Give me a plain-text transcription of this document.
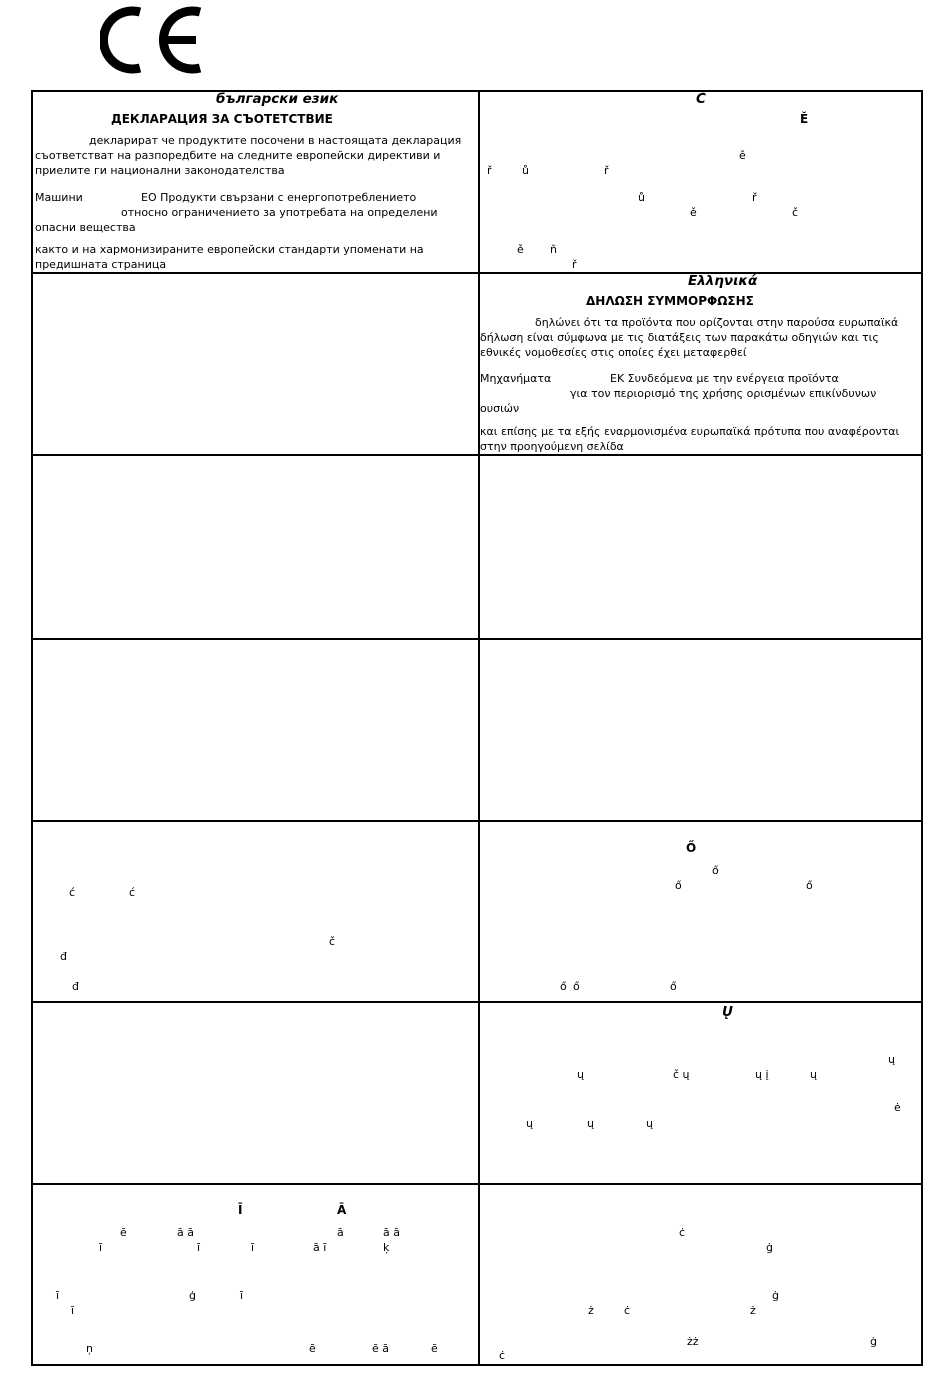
български език
ДЕКЛАРАЦИЯ ЗА СЪОТЕТСТВИЕ
декларират че продуктите посочени в настоящата декларация
съответстват на разпоредбите на следните европейски директиви и
приелите ги национални законодателства
Машини	ЕО Продукти свързани с енергопотреблението
относно ограничението за употребата на определени
опасни вещества
както и на хармонизираните европейски стандарти упоменати на
предишната страница
Č
Ě
ě
ř	ů	ř
ů	ř
ě	č
ě ň
ř
Ελληνικά
ΔΗΛΩΣΗ ΣΥΜΜΟΡΦΩΣΗΣ
δηλώνει ότι τα προϊόντα που ορίζονται στην παρούσα ευρωπαϊκά
δήλωση είναι σύμφωνα με τις διατάξεις των παρακάτω οδηγιών και τις
εθνικές νομοθεσίες στις οποίες έχει μεταφερθεί
Μηχανήματα	ΕΚ Συνδεόμενα με την ενέργεια προϊόντα
για τον περιορισμό της χρήσης ορισμένων επικίνδυνων
ουσιών
και επίσης με τα εξής εναρμονισμένα ευρωπαϊκά πρότυπα που αναφέρονται
στην προηγούμενη σελίδα
ć	ć
č
đ
đ
Ő
ő
ő	ő
ő ő	ő
Ų
ų
ų	č ų	ų į	ų
ė
ų	ų	ų
Ī	Ā
ē	ā ā	ā	ā ā
ī	ī	ī	ā ī	ķ
ī	ģ	ī
ī
ņ	ē	ē ā	ē
ċ
ġ
ġ
ż	ċ	ż
żż	ġ
ċ
